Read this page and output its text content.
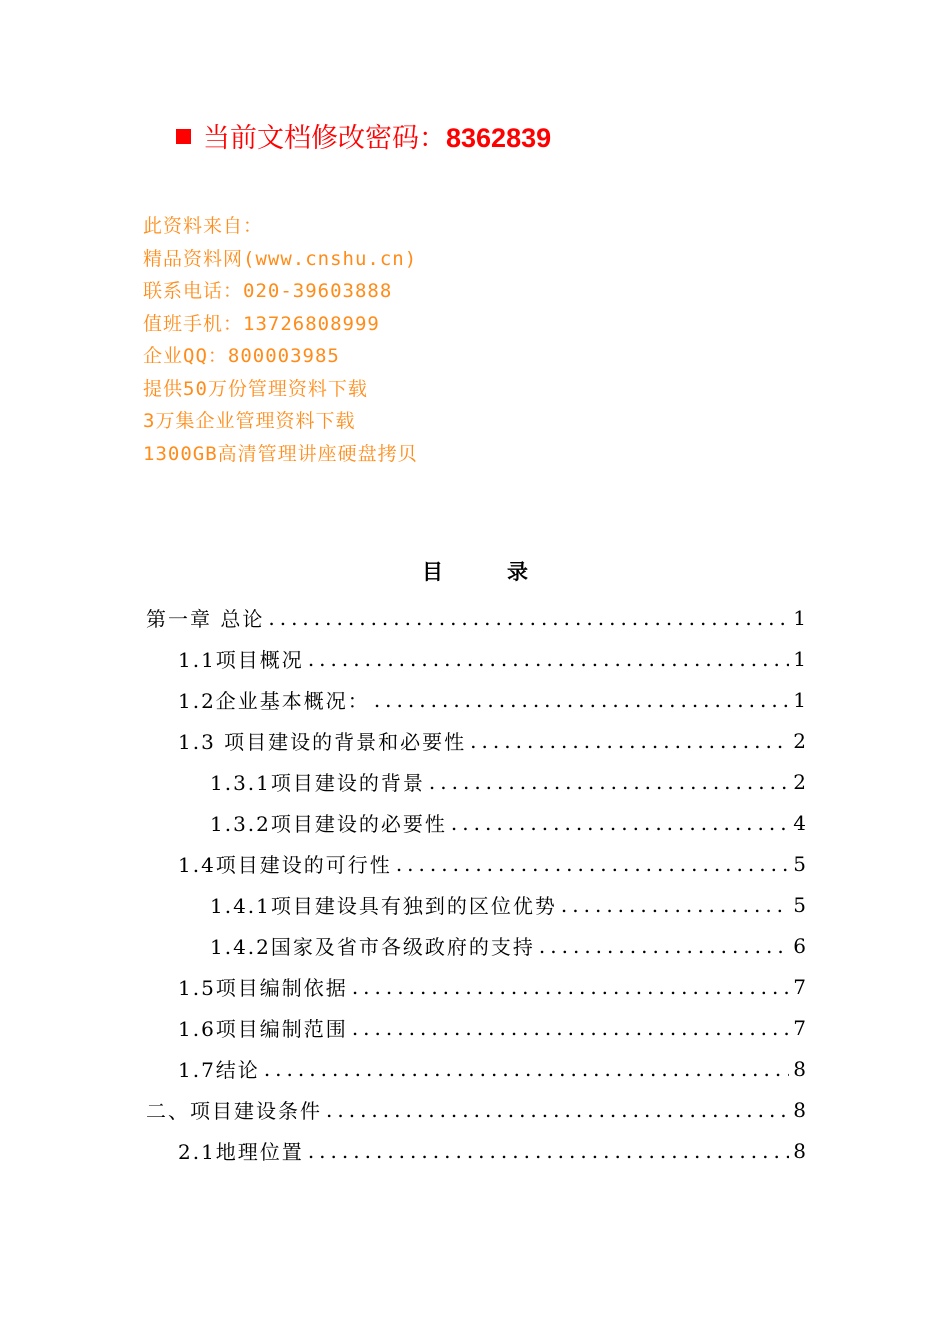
当前文档修改密码：8362839
此资料来自：
精品资料网(www.cnshu.cn)
联系电话：020-39603888
值班手机：13726808999
企业QQ：800003985
提供50万份管理资料下载
3万集企业管理资料下载
1300GB高清管理讲座硬盘拷贝
目录
第一章 总论 .....	1
1.1项目概况 .....	1
1.2企业基本概况： .....	1
1.3 项目建设的背景和必要性 .....	2
1.3.1项目建设的背景 .....	2
1.3.2项目建设的必要性 .....	4
1.4项目建设的可行性 .....	5
1.4.1项目建设具有独到的区位优势 .....	5
1.4.2国家及省市各级政府的支持 .....	6
1.5项目编制依据 .....	7
1.6项目编制范围 .....	7
1.7结论 .....	8
二、项目建设条件 .....	8
2.1地理位置 .....	8
